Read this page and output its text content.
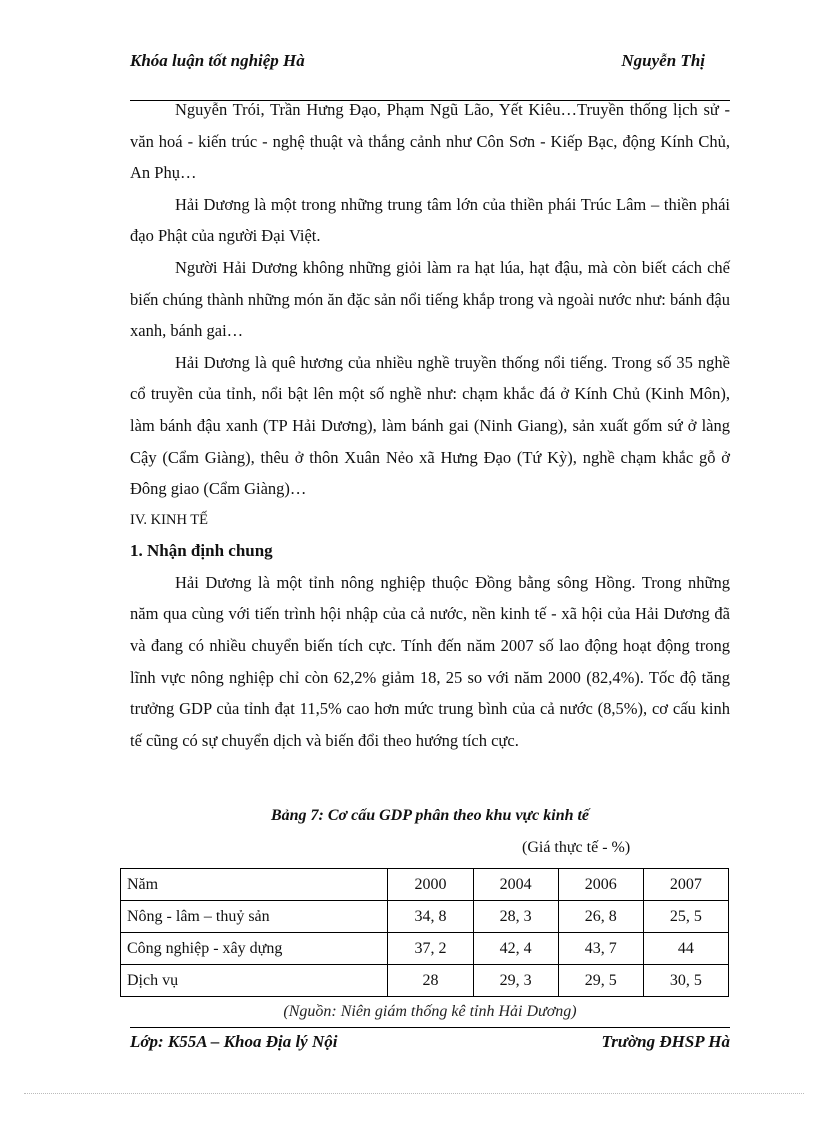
Khóa luận tốt nghiệp Hà	Nguyễn Thị

Nguyễn Trói, Trần Hưng Đạo, Phạm Ngũ Lão, Yết Kiêu…Truyền thống lịch sử - văn hoá - kiến trúc - nghệ thuật và thắng cảnh như Côn Sơn - Kiếp Bạc, động Kính Chủ, An Phụ…

Hải Dương là một trong những trung tâm lớn của thiền phái Trúc Lâm – thiền phái đạo Phật của người Đại Việt.

Người Hải Dương không những giỏi làm ra hạt lúa, hạt đậu, mà còn biết cách chế biến chúng thành những món ăn đặc sản nổi tiếng khắp trong và ngoài nước như: bánh đậu xanh, bánh gai…

Hải Dương là quê hương của nhiều nghề truyền thống nổi tiếng. Trong số 35 nghề cổ truyền của tỉnh, nổi bật lên một số nghề như: chạm khắc đá ở Kính Chủ (Kinh Môn), làm bánh đậu xanh (TP Hải Dương), làm bánh gai (Ninh Giang), sản xuất gốm sứ ở làng Cậy (Cẩm Giàng), thêu ở thôn Xuân Nẻo xã Hưng Đạo (Tứ Kỳ), nghề chạm khắc gỗ ở Đông giao (Cẩm Giàng)…

IV. KINH TẾ

1. Nhận định chung

Hải Dương là một tỉnh nông nghiệp thuộc Đồng bằng sông Hồng. Trong những năm qua cùng với tiến trình hội nhập của cả nước, nền kinh tế - xã hội của Hải Dương đã và đang có nhiều chuyển biến tích cực. Tính đến năm 2007 số lao động hoạt động trong lĩnh vực nông nghiệp chỉ còn 62,2% giảm 18, 25 so với năm 2000 (82,4%). Tốc độ tăng trưởng GDP của tỉnh đạt 11,5% cao hơn mức trung bình của cả nước (8,5%), cơ cấu kinh tế cũng có sự chuyển dịch và biến đổi theo hướng tích cực.

Bảng 7: Cơ cấu GDP phân theo khu vực kinh tế
(Giá thực tế - %)
Năm	2000	2004	2006	2007
Nông - lâm – thuỷ sản	34, 8	28, 3	26, 8	25, 5
Công nghiệp - xây dựng	37, 2	42, 4	43, 7	44
Dịch vụ	28	29, 3	29, 5	30, 5
(Nguồn: Niên giám thống kê tỉnh Hải Dương)
Lớp: K55A – Khoa Địa lý Nội	Trường ĐHSP Hà
